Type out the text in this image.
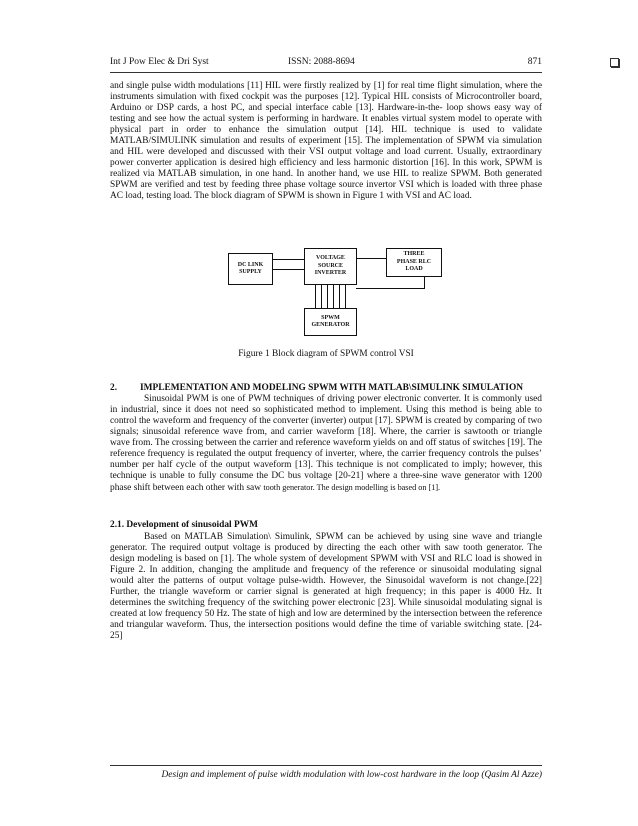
Int J Pow Elec & Dri Syst	ISSN: 2088-8694	871

and single pulse width modulations [11] HIL were firstly realized by [1] for real time flight simulation, where the instruments simulation with fixed cockpit was the purposes [12]. Typical HIL consists of Microcontroller board, Arduino or DSP cards, a host PC, and special interface cable [13]. Hardware-in-the- loop shows easy way of testing and see how the actual system is performing in hardware. It enables virtual system model to operate with physical part in order to enhance the simulation output [14]. HIL technique is used to validate MATLAB/SIMULINK simulation and results of experiment [15]. The implementation of SPWM via simulation and HIL were developed and discussed with their VSI output voltage and load current. Usually, extraordinary power converter application is desired high efficiency and less harmonic distortion [16]. In this work, SPWM is realized via MATLAB simulation, in one hand. In another hand, we use HIL to realize SPWM. Both generated SPWM are verified and test by feeding three phase voltage source invertor VSI which is loaded with three phase AC load, testing load. The block diagram of SPWM is shown in Figure 1 with VSI and AC load.

DC LINK
SUPPLY
VOLTAGE
SOURCE
INVERTER
THREE
PHASE RLC
LOAD
SPWM
GENERATOR
Figure 1 Block diagram of SPWM control VSI

2. IMPLEMENTATION AND MODELING SPWM WITH MATLAB\SIMULINK SIMULATION

Sinusoidal PWM is one of PWM techniques of driving power electronic converter. It is commonly used in industrial, since it does not need so sophisticated method to implement. Using this method is being able to control the waveform and frequency of the converter (inverter) output [17]. SPWM is created by comparing of two signals; sinusoidal reference wave from, and carrier waveform [18]. Where, the carrier is sawtooth or triangle wave from. The crossing between the carrier and reference waveform yields on and off status of switches [19]. The reference frequency is regulated the output frequency of inverter, where, the carrier frequency controls the pulses’ number per half cycle of the output waveform [13]. This technique is not complicated to imply; however, this technique is unable to fully consume the DC bus voltage [20-21] where a three-sine wave generator with 1200 phase shift between each other with saw tooth generator. The design modelling is based on [1].

2.1. Development of sinusoidal PWM

Based on MATLAB Simulation\ Simulink, SPWM can be achieved by using sine wave and triangle generator. The required output voltage is produced by directing the each other with saw tooth generator. The design modeling is based on [1]. The whole system of development SPWM with VSI and RLC load is showed in Figure 2. In addition, changing the amplitude and frequency of the reference or sinusoidal modulating signal would alter the patterns of output voltage pulse-width. However, the Sinusoidal waveform is not change.[22] Further, the triangle waveform or carrier signal is generated at high frequency; in this paper is 4000 Hz. It determines the switching frequency of the switching power electronic [23]. While sinusoidal modulating signal is created at low frequency 50 Hz. The state of high and low are determined by the intersection between the reference and triangular waveform. Thus, the intersection positions would define the time of variable switching state. [24-25]

Design and implement of pulse width modulation with low-cost hardware in the loop (Qasim Al Azze)
